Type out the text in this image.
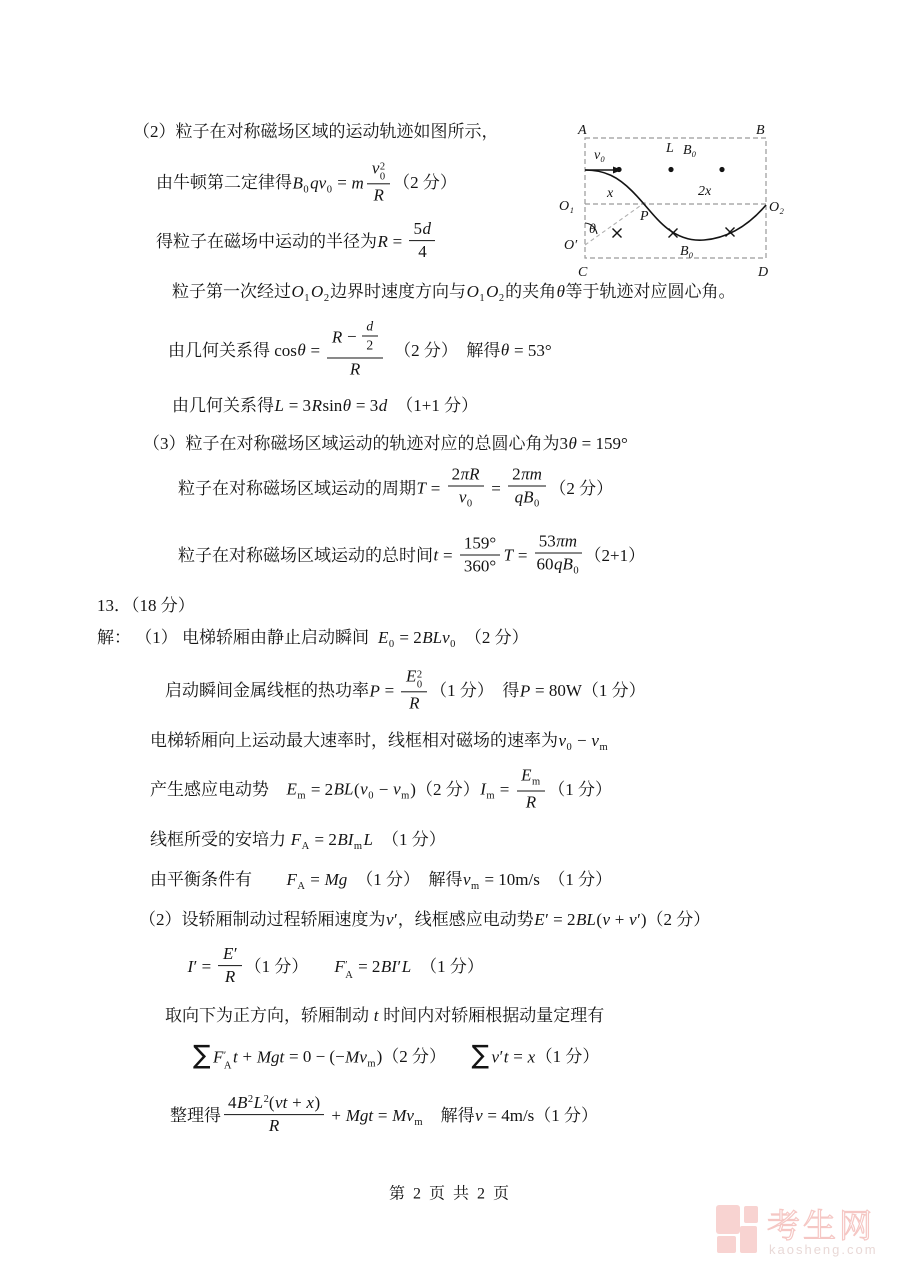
（2）粒子在对称磁场区域的运动轨迹如图所示，
由牛顿第二定律得$B_0qv_0 = m$ v 2
0
R （2 分）
得粒子在磁场中运动的半径为$R = \frac{5d}{4}$
粒子第一次经过$O_1O_2$边界时速度方向与$O_1O_2$的夹角θ等于轨迹对应圆心角。
由几何关系得 $\cos\theta = \frac{R - \frac{d}{2}}{R}$ 　（2 分）　解得θ = 53°
由几何关系得L = 3Rsinθ = 3d　（1+1 分）
（3）粒子在对称磁场区域运动的轨迹对应的总圆心角为3θ = 159°
粒子在对称磁场区域运动的周期$T = \frac{2\pi R}{v_0} = \frac{2\pi m}{qB_0} (2$ 分）
粒子在对称磁场区域运动的总时间$t = \frac{159^\circ}{360^\circ}$ $T = \frac{53\pi m}{60qB_0} (2+1)$
13．（18 分）
解： （1） 电梯轿厢由静止启动瞬间  $E_0 = 2BLv_0$　（2 分）
启动瞬间金属线框的热功率P = E 2
0
R （1 分）　得P = 80W（1 分）
电梯轿厢向上运动最大速率时，线框相对磁场的速率为$v_0 - v_m$
产生感应电动势　$E_m = 2BL(v_0 - v_m)(2$ 分）$I_m = \frac{E_m}{R} (1$ 分）
线框所受的安培力 $F_A = 2BI_mL$　（1 分）
由平衡条件有　　$F_A = Mg$　（1 分）　解得$v_m = 10m/s$　（1 分）
（2）设轿厢制动过程轿厢速度为v′，线框感应电动势E′ = 2BL(v + v′)（2 分）
$I' = \frac{E'}{R} (1$ 分）　　F ′
A = 2BI′L　（1 分）
取向下为正方向，轿厢制动 t 时间内对轿厢根据动量定理有
∑ F ′
A t + Mgt = $0 - (-Mv_m)(2$ 分）　　∑ v′t = x（1 分）
整理得 $\frac{4B^2L^2(vt + x)}{R}$ + Mgt = $Mv_m$　解得v = 4m/s（1 分）
A	B
C	D
O₁	O₂
O′
P
θ
v₀	L B₀
x	2x
B₀
第 2 页 共 2 页
考生网
kaosheng.com
